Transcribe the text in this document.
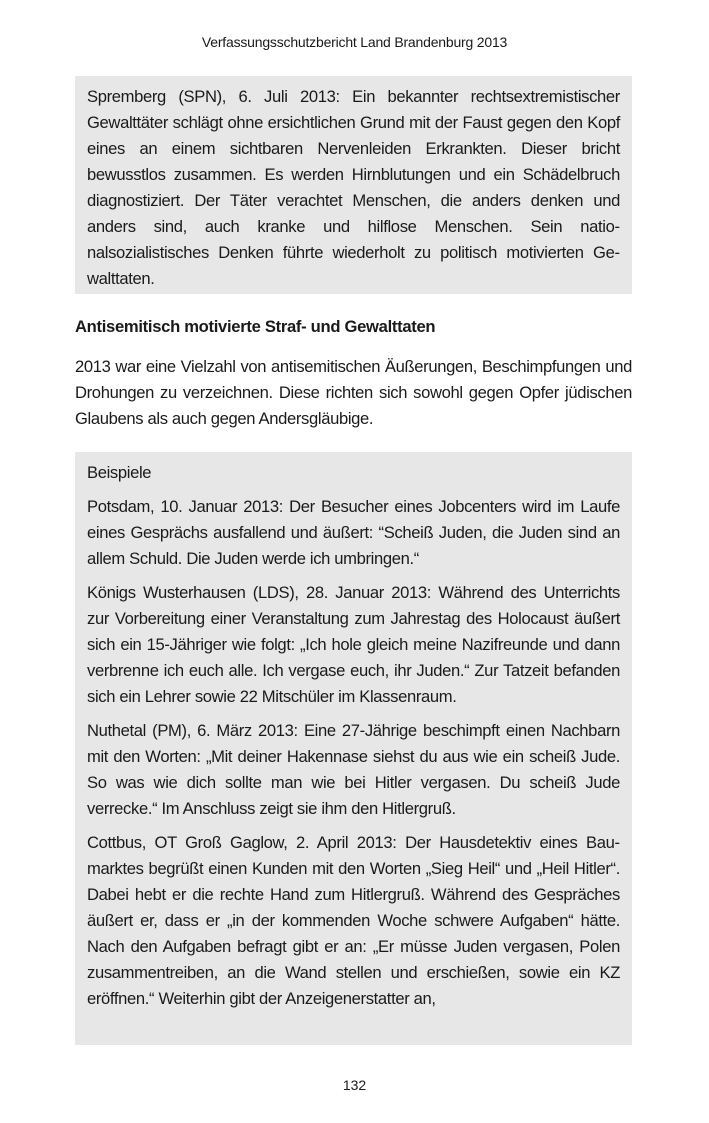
Verfassungsschutzbericht Land Brandenburg 2013

Spremberg (SPN), 6. Juli 2013: Ein bekannter rechtsextremistischer Gewalttäter schlägt ohne ersichtlichen Grund mit der Faust gegen den Kopf eines an einem sichtbaren Nervenleiden Erkrankten. Dieser bricht bewusstlos zusammen. Es werden Hirnblutungen und ein Schädelbruch diagnostiziert. Der Täter verachtet Menschen, die anders denken und anders sind, auch kranke und hilflose Menschen. Sein nationalsozialistisches Denken führte wiederholt zu politisch motivierten Gewalttaten.

Antisemitisch motivierte Straf- und Gewalttaten

2013 war eine Vielzahl von antisemitischen Äußerungen, Beschimpfungen und Drohungen zu verzeichnen. Diese richten sich sowohl gegen Opfer jüdischen Glaubens als auch gegen Andersgläubige.

Beispiele

Potsdam, 10. Januar 2013: Der Besucher eines Jobcenters wird im Laufe eines Gesprächs ausfallend und äußert: “Scheiß Juden, die Juden sind an allem Schuld. Die Juden werde ich umbringen.“

Königs Wusterhausen (LDS), 28. Januar 2013: Während des Unterrichts zur Vorbereitung einer Veranstaltung zum Jahrestag des Holocaust äußert sich ein 15-Jähriger wie folgt: „Ich hole gleich meine Nazifreunde und dann verbrenne ich euch alle. Ich vergase euch, ihr Juden.“ Zur Tatzeit befanden sich ein Lehrer sowie 22 Mitschüler im Klassenraum.

Nuthetal (PM), 6. März 2013: Eine 27-Jährige beschimpft einen Nachbarn mit den Worten: „Mit deiner Hakennase siehst du aus wie ein scheiß Jude. So was wie dich sollte man wie bei Hitler vergasen. Du scheiß Jude verrecke.“ Im Anschluss zeigt sie ihm den Hitlergruß.

Cottbus, OT Groß Gaglow, 2. April 2013: Der Hausdetektiv eines Baumarktes begrüßt einen Kunden mit den Worten „Sieg Heil“ und „Heil Hitler“. Dabei hebt er die rechte Hand zum Hitlergruß. Während des Gespräches äußert er, dass er „in der kommenden Woche schwere Aufgaben“ hätte. Nach den Aufgaben befragt gibt er an: „Er müsse Juden vergasen, Polen zusammentreiben, an die Wand stellen und erschießen, sowie ein KZ eröffnen.“ Weiterhin gibt der Anzeigenerstatter an,

132
